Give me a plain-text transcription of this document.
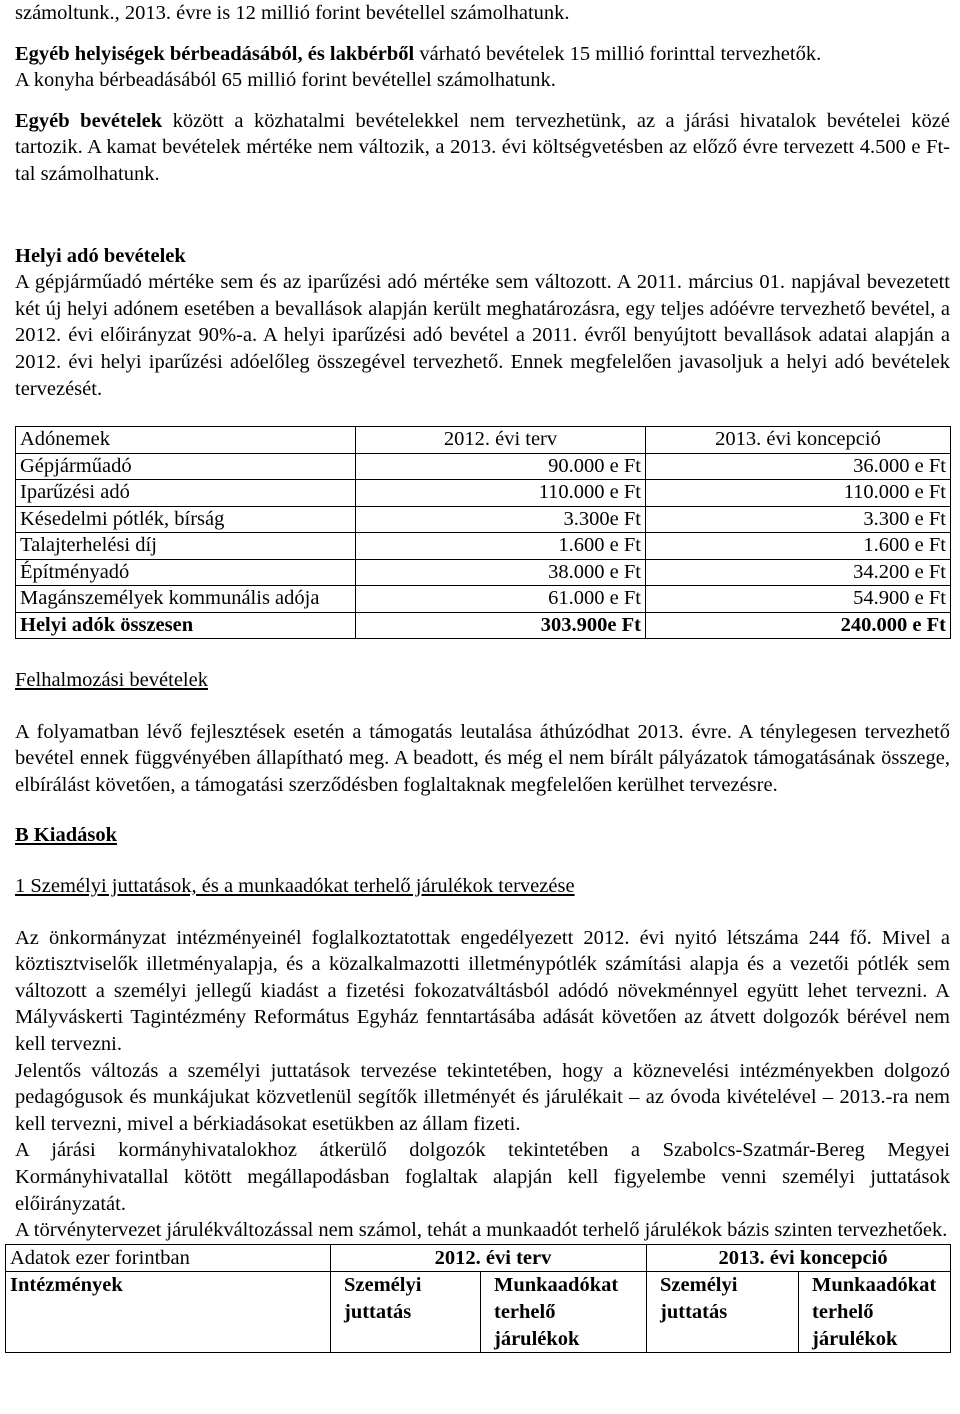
számoltunk., 2013. évre is 12 millió forint bevétellel számolhatunk.

Egyéb helyiségek bérbeadásából, és lakbérből várható bevételek 15 millió forinttal tervezhetők.

A konyha bérbeadásából 65 millió forint bevétellel számolhatunk.

Egyéb bevételek között a közhatalmi bevételekkel nem tervezhetünk, az a járási hivatalok bevételei közé tartozik. A kamat bevételek mértéke nem változik, a 2013. évi költségvetésben az előző évre tervezett 4.500 e Ft-tal számolhatunk.

Helyi adó bevételek

A gépjárműadó mértéke sem és az iparűzési adó mértéke sem változott. A 2011. március 01. napjával bevezetett két új helyi adónem esetében a bevallások alapján került meghatározásra, egy teljes adóévre tervezhető bevétel, a 2012. évi előirányzat 90%-a. A helyi iparűzési adó bevétel a 2011. évről benyújtott bevallások adatai alapján a 2012. évi helyi iparűzési adóelőleg összegével tervezhető. Ennek megfelelően javasoljuk a helyi adó bevételek tervezését.

Adónemek	2012. évi terv	2013. évi koncepció
Gépjárműadó	90.000 e Ft	36.000 e Ft
Iparűzési adó	110.000 e Ft	110.000 e Ft
Késedelmi pótlék, bírság	3.300e Ft	3.300 e Ft
Talajterhelési díj	1.600 e Ft	1.600 e Ft
Építményadó	38.000 e Ft	34.200 e Ft
Magánszemélyek kommunális adója	61.000 e Ft	54.900 e Ft
Helyi adók összesen	303.900e Ft	240.000 e Ft

Felhalmozási bevételek

A folyamatban lévő fejlesztések esetén a támogatás leutalása áthúzódhat 2013. évre. A ténylegesen tervezhető bevétel ennek függvényében állapítható meg. A beadott, és még el nem bírált pályázatok támogatásának összege, elbírálást követően, a támogatási szerződésben foglaltaknak megfelelően kerülhet tervezésre.

B Kiadások

1 Személyi juttatások, és a munkaadókat terhelő járulékok tervezése

Az önkormányzat intézményeinél foglalkoztatottak engedélyezett 2012. évi nyitó létszáma 244 fő. Mivel a köztisztviselők illetményalapja, és a közalkalmazotti illetménypótlék számítási alapja és a vezetői pótlék sem változott a személyi jellegű kiadást a fizetési fokozatváltásból adódó növekménnyel együtt lehet tervezni. A Mályváskerti Tagintézmény Református Egyház fenntartásába adását követően az átvett dolgozók bérével nem kell tervezni.

Jelentős változás a személyi juttatások tervezése tekintetében, hogy a köznevelési intézményekben dolgozó pedagógusok és munkájukat közvetlenül segítők illetményét és járulékait – az óvoda kivételével – 2013.-ra nem kell tervezni, mivel a bérkiadásokat esetükben az állam fizeti.

A járási kormányhivatalokhoz átkerülő dolgozók tekintetében a Szabolcs-Szatmár-Bereg Megyei Kormányhivatallal kötött megállapodásban foglaltak alapján kell figyelembe venni személyi juttatások előirányzatát.

A törvénytervezet járulékváltozással nem számol, tehát a munkaadót terhelő járulékok bázis szinten tervezhetőek.

Adatok ezer forintban	2012. évi terv		2013. évi koncepció	
Intézmények	Személyi juttatás	Munkaadókat terhelő járulékok	Személyi juttatás	Munkaadókat terhelő járulékok
